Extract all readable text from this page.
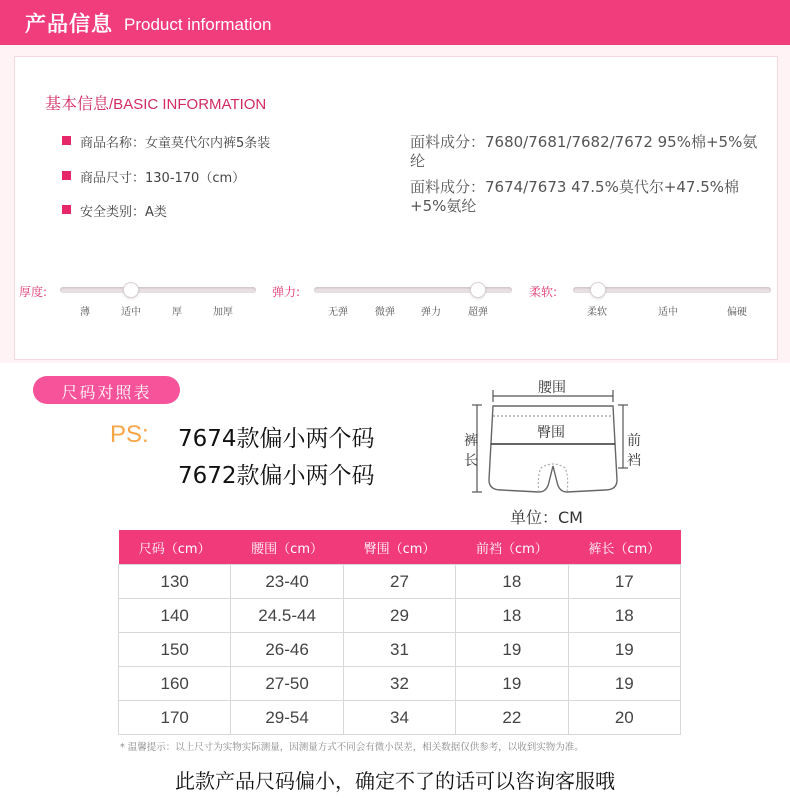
产品信息 Product information
基本信息/BASIC INFORMATION
商品名称：女童莫代尔内裤5条装
商品尺寸：130-170（cm）
安全类别：A类
面料成分：7680/7681/7682/7672 95%棉+5%氨纶
面料成分：7674/7673 47.5%莫代尔+47.5%棉 +5%氨纶
厚度:
薄	适中	厚	加厚
弹力:
无弹	微弹	弹力	超弹
柔软:
柔软	适中	偏硬
尺码对照表
PS: 7674款偏小两个码
7672款偏小两个码
腰围
臀围
裤长
前裆
单位：CM
尺码（cm）	腰围（cm）	臀围（cm）	前裆（cm）	裤长（cm）
130	23-40	27	18	17
140	24.5-44	29	18	18
150	26-46	31	19	19
160	27-50	32	19	19
170	29-54	34	22	20
* 温馨提示：以上尺寸为实物实际测量，因测量方式不同会有微小误差，相关数据仅供参考，以收到实物为准。
此款产品尺码偏小，确定不了的话可以咨询客服哦
